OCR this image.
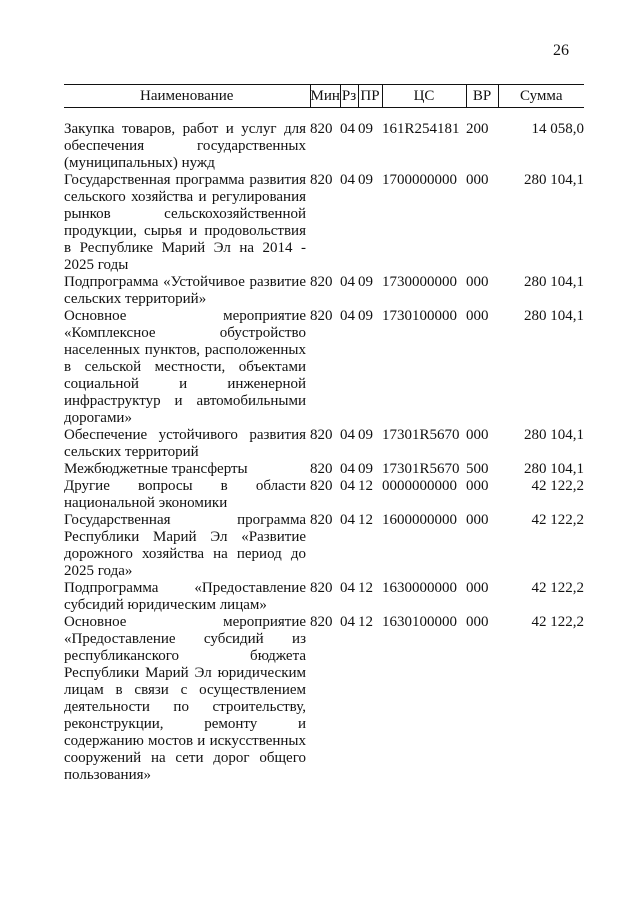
26
Наименование	Мин	Рз	ПР	ЦС	ВР	Сумма

Закупка товаров, работ и услуг для обеспечения государственных (муниципальных) нужд	820	04	09	161R254181	200	14 058,0
Государственная программа развития сельского хозяйства и регулирования рынков сельскохозяйственной продукции, сырья и продовольствия в Республике Марий Эл на 2014 - 2025 годы	820	04	09	1700000000	000	280 104,1
Подпрограмма «Устойчивое развитие сельских территорий»	820	04	09	1730000000	000	280 104,1
Основное мероприятие «Комплексное обустройство населенных пунктов, расположенных в сельской местности, объектами социальной и инженерной инфраструктур и автомобильными дорогами»	820	04	09	1730100000	000	280 104,1
Обеспечение устойчивого развития сельских территорий	820	04	09	17301R5670	000	280 104,1
Межбюджетные трансферты	820	04	09	17301R5670	500	280 104,1
Другие вопросы в области национальной экономики	820	04	12	0000000000	000	42 122,2
Государственная программа Республики Марий Эл «Развитие дорожного хозяйства на период до 2025 года»	820	04	12	1600000000	000	42 122,2
Подпрограмма «Предоставление субсидий юридическим лицам»	820	04	12	1630000000	000	42 122,2
Основное мероприятие «Предоставление субсидий из республиканского бюджета Республики Марий Эл юридическим лицам в связи с осуществлением деятельности по строительству, реконструкции, ремонту и содержанию мостов и искусственных сооружений на сети дорог общего пользования»	820	04	12	1630100000	000	42 122,2
